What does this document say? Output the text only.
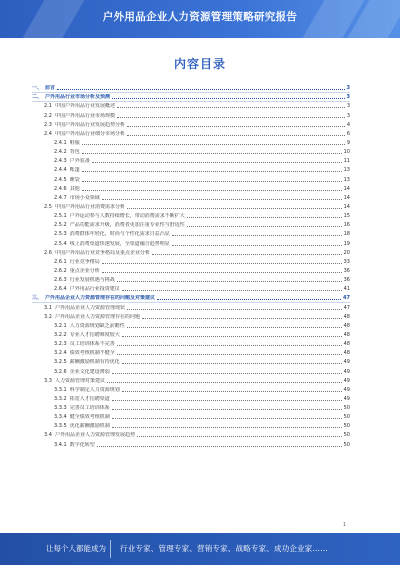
户外用品企业人力资源管理策略研究报告
内容目录
一、 前言	3
二、 户外用品行业市场分析及预测	3
2.1 中国户外用品行业发展概述	3
2.2 中国户外用品行业市场规模	3
2.3 中国户外用品行业发展趋势分析	4
2.4 中国户外用品行业细分市场分析	6
2.4.1 鞋服	9
2.4.2 背包	10
2.4.3 户外装备	11
2.4.4 帐篷	13
2.4.5 睡袋	13
2.4.6 其他	14
2.4.7 市场小众领域	14
2.5 中国户外用品行业消费需求分析	14
2.5.1 户外运动参与人数持续增长，带动消费需求不断扩大	15
2.5.2 产品功能需求升级，消费者更加注重专业性与舒适性	16
2.5.3 消费群体年轻化，时尚与个性化需求日益凸显	18
2.5.4 线上消费渠道快速发展，全渠道融合趋势明显	19
2.6 中国户外用品行业竞争格局及重点企业分析	20
2.6.1 行业竞争格局	33
2.6.2 重点企业分析	36
2.6.3 行业发展机遇与挑战	36
2.6.4 户外用品行业投资建议	41
三、 户外用品企业人力资源管理存在的问题及对策建议	47
3.1 户外用品企业人力资源管理现状	47
3.2 户外用品企业人力资源管理存在的问题	48
3.2.1 人力资源规划缺乏前瞻性	48
3.2.2 专业人才招聘难度较大	48
3.2.3 员工培训体系不完善	48
3.2.4 绩效考核机制不健全	48
3.2.5 薪酬激励机制有待优化	49
3.2.6 企业文化建设薄弱	49
3.3 人力资源管理对策建议	49
3.3.1 科学制定人力资源规划	49
3.3.2 拓宽人才招聘渠道	49
3.3.3 完善员工培训体系	50
3.3.4 健全绩效考核机制	50
3.3.5 优化薪酬激励机制	50
3.4 户外用品企业人力资源管理发展趋势	50
3.4.1 数字化转型	50
1
让每个人都能成为 行业专家、管理专家、营销专家、战略专家、成功企业家……
